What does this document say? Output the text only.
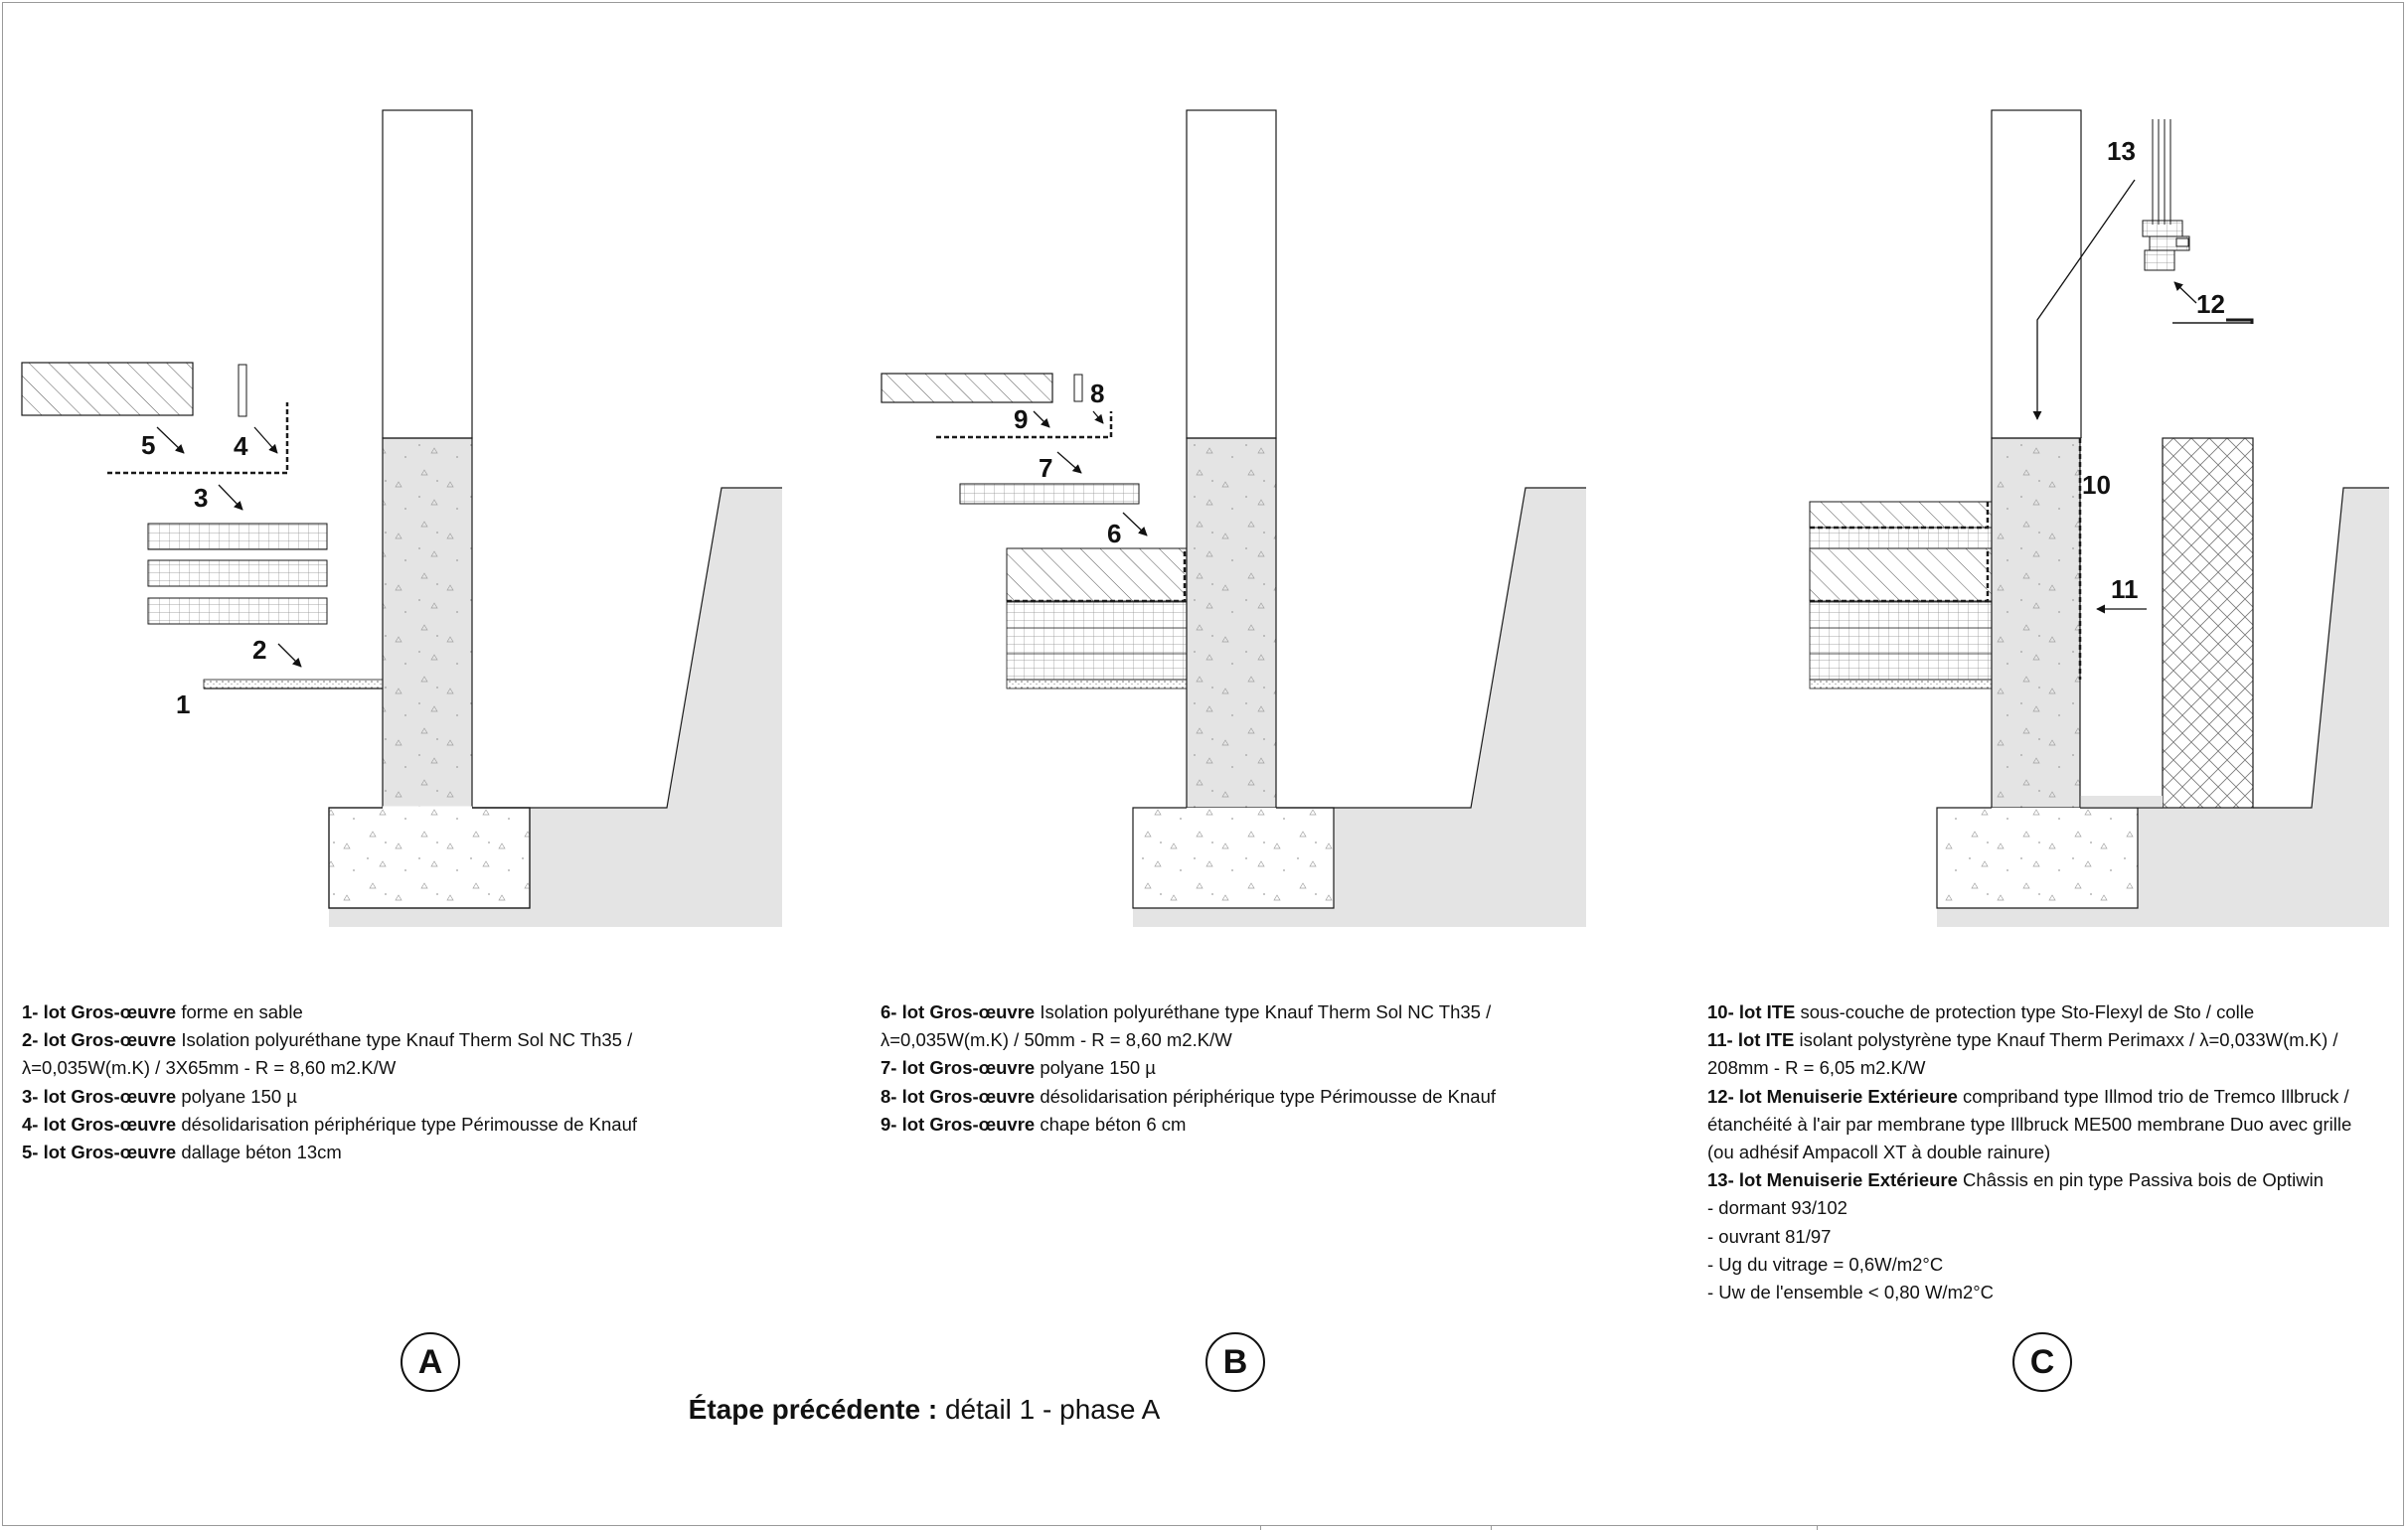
1
2
3
4
5
6
7
8
9
10
11
12
13
1- lot Gros-œuvre forme en sable
2- lot Gros-œuvre Isolation polyuréthane type Knauf Therm Sol NC Th35 /
λ=0,035W(m.K) / 3X65mm - R = 8,60 m2.K/W
3- lot Gros-œuvre polyane 150 µ
4- lot Gros-œuvre désolidarisation périphérique type Périmousse de Knauf
5- lot Gros-œuvre dallage béton 13cm
6- lot Gros-œuvre Isolation polyuréthane type Knauf Therm Sol NC Th35 /
λ=0,035W(m.K) / 50mm - R = 8,60 m2.K/W
7- lot Gros-œuvre polyane 150 µ
8- lot Gros-œuvre désolidarisation périphérique type Périmousse de Knauf
9- lot Gros-œuvre chape béton 6 cm
10- lot ITE sous-couche de protection type Sto-Flexyl de Sto / colle
11- lot ITE isolant polystyrène type Knauf Therm Perimaxx / λ=0,033W(m.K) /
208mm - R = 6,05 m2.K/W
12- lot Menuiserie Extérieure compriband type Illmod trio de Tremco Illbruck /
étanchéité à l'air par membrane type Illbruck ME500 membrane Duo avec grille
(ou adhésif Ampacoll XT à double rainure)
13- lot Menuiserie Extérieure Châssis en pin type Passiva bois de Optiwin
- dormant 93/102
- ouvrant 81/97
- Ug du vitrage = 0,6W/m2°C
- Uw de l'ensemble < 0,80 W/m2°C
A	B	C
Étape précédente : détail 1 - phase A
